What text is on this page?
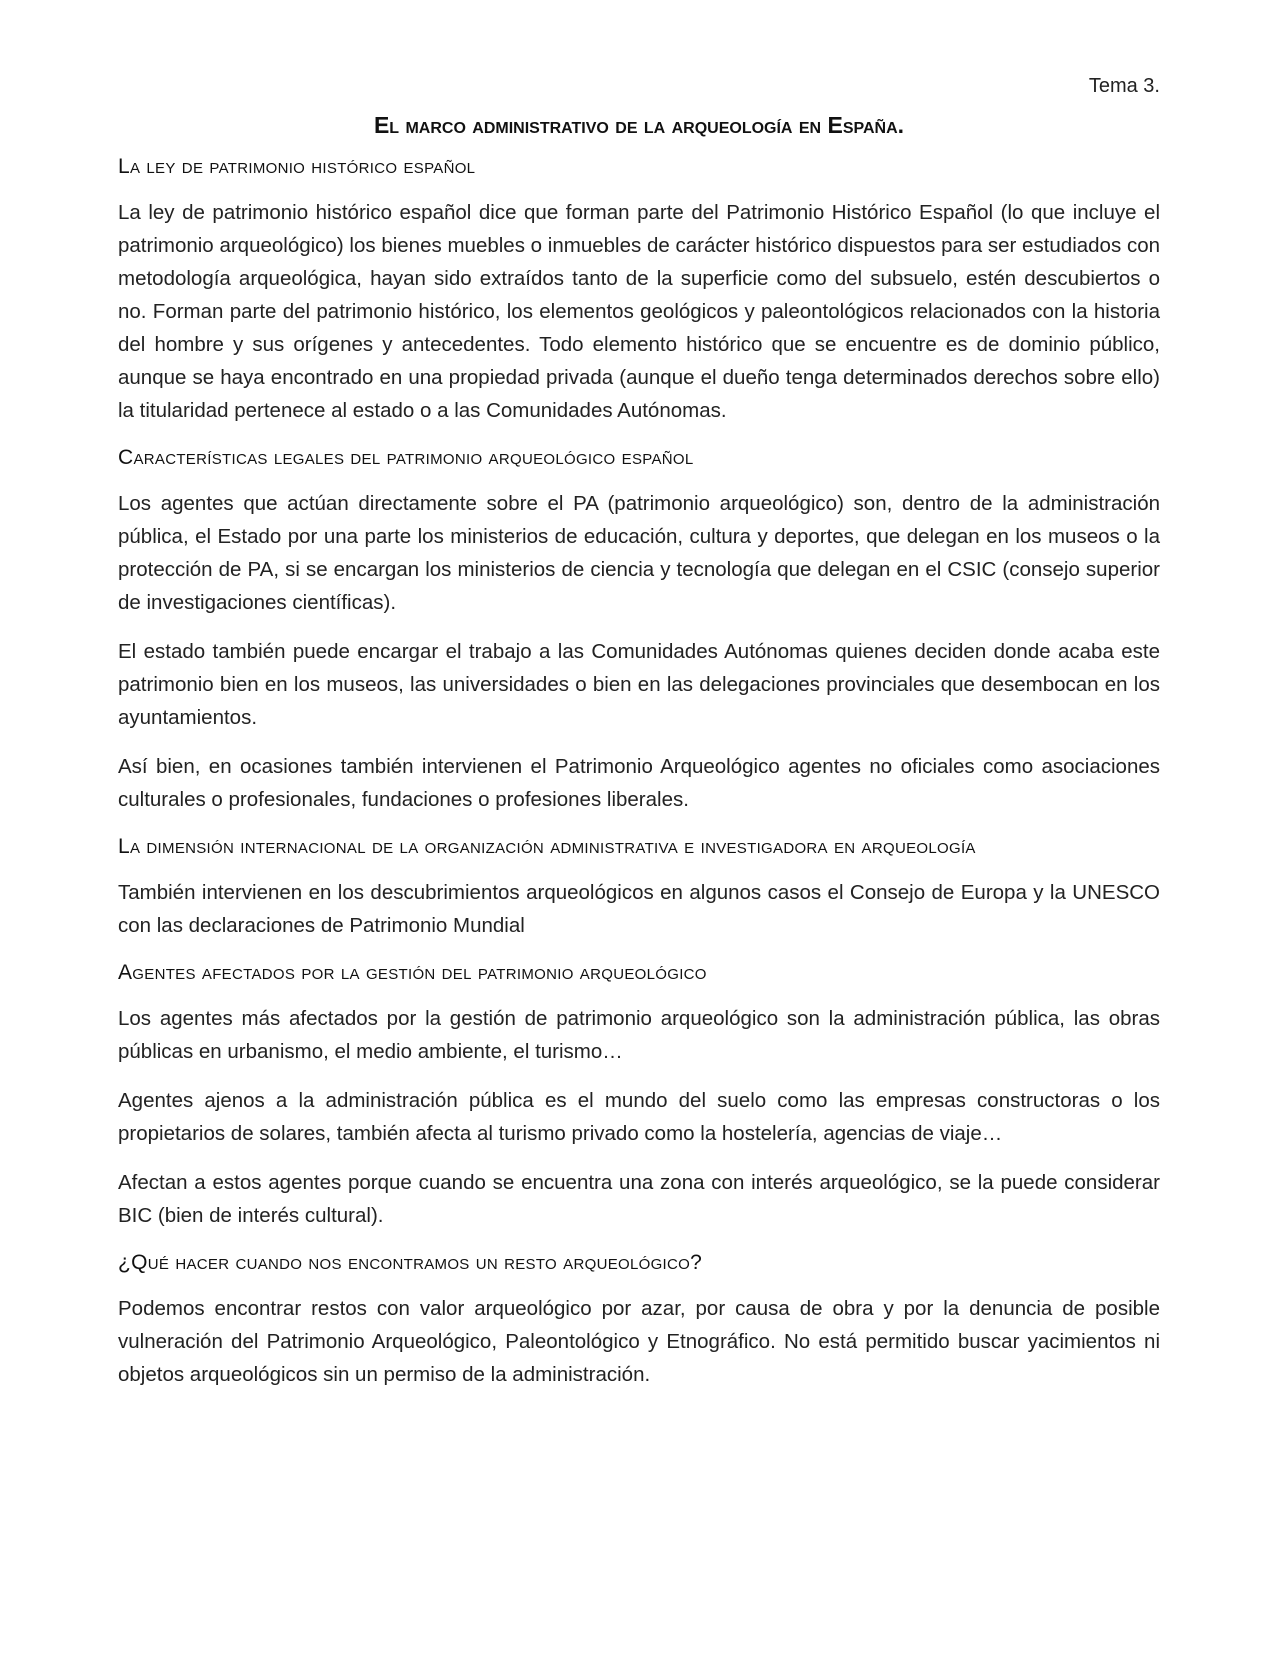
Tema 3.
El marco administrativo de la arqueología en España.
La ley de patrimonio histórico español

La ley de patrimonio histórico español dice que forman parte del Patrimonio Histórico Español (lo que incluye el patrimonio arqueológico) los bienes muebles o inmuebles de carácter histórico dispuestos para ser estudiados con metodología arqueológica, hayan sido extraídos tanto de la superficie como del subsuelo, estén descubiertos o no. Forman parte del patrimonio histórico, los elementos geológicos y paleontológicos relacionados con la historia del hombre y sus orígenes y antecedentes. Todo elemento histórico que se encuentre es de dominio público, aunque se haya encontrado en una propiedad privada (aunque el dueño tenga determinados derechos sobre ello) la titularidad pertenece al estado o a las Comunidades Autónomas.

Características legales del patrimonio arqueológico español

Los agentes que actúan directamente sobre el PA (patrimonio arqueológico) son, dentro de la administración pública, el Estado por una parte los ministerios de educación, cultura y deportes, que delegan en los museos o la protección de PA, si se encargan los ministerios de ciencia y tecnología que delegan en el CSIC (consejo superior de investigaciones científicas).

El estado también puede encargar el trabajo a las Comunidades Autónomas quienes deciden donde acaba este patrimonio bien en los museos, las universidades o bien en las delegaciones provinciales que desembocan en los ayuntamientos.

Así bien, en ocasiones también intervienen el Patrimonio Arqueológico agentes no oficiales como asociaciones culturales o profesionales, fundaciones o profesiones liberales.

La dimensión internacional de la organización administrativa e investigadora en arqueología

También intervienen en los descubrimientos arqueológicos en algunos casos el Consejo de Europa y la UNESCO con las declaraciones de Patrimonio Mundial

Agentes afectados por la gestión del patrimonio arqueológico

Los agentes más afectados por la gestión de patrimonio arqueológico son la administración pública, las obras públicas en urbanismo, el medio ambiente, el turismo…

Agentes ajenos a la administración pública es el mundo del suelo como las empresas constructoras o los propietarios de solares, también afecta al turismo privado como la hostelería, agencias de viaje…

Afectan a estos agentes porque cuando se encuentra una zona con interés arqueológico, se la puede considerar BIC (bien de interés cultural).

¿Qué hacer cuando nos encontramos un resto arqueológico?

Podemos encontrar restos con valor arqueológico por azar, por causa de obra y por la denuncia de posible vulneración del Patrimonio Arqueológico, Paleontológico y Etnográfico. No está permitido buscar yacimientos ni objetos arqueológicos sin un permiso de la administración.
